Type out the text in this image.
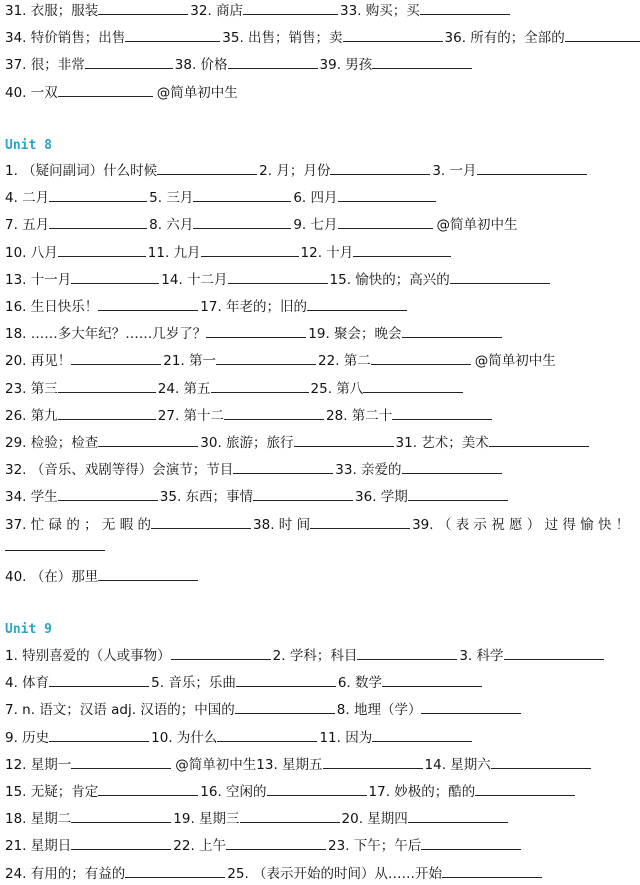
31. 衣服；服装	32. 商店	33. 购买；买
34. 特价销售；出售	35. 出售；销售；卖	36. 所有的；全部的
37. 很；非常	38. 价格	39. 男孩
40. 一双	@简单初中生
Unit 8
1. （疑问副词）什么时候	2. 月；月份	3. 一月
4. 二月	5. 三月	6. 四月
7. 五月	8. 六月	9. 七月	@简单初中生
10. 八月	11. 九月	12. 十月
13. 十一月	14. 十二月	15. 愉快的；高兴的
16. 生日快乐！	17. 年老的；旧的
18. ……多大年纪？……几岁了？	19. 聚会；晚会
20. 再见！	21. 第一	22. 第二	@简单初中生
23. 第三	24. 第五	25. 第八
26. 第九	27. 第十二	28. 第二十
29. 检验；检查	30. 旅游；旅行	31. 艺术；美术
32. （音乐、戏剧等得）会演节；节目	33. 亲爱的
34. 学生	35. 东西；事情	36. 学期
37. 忙 碌 的 ； 无 暇 的	38. 时 间	39. （ 表 示 祝 愿 ） 过 得 愉 快 ！
40. （在）那里
Unit 9
1. 特别喜爱的（人或事物）	2. 学科；科目	3. 科学
4. 体育	5. 音乐；乐曲	6. 数学
7. n. 语文；汉语 adj. 汉语的；中国的	8. 地理（学）
9. 历史	10. 为什么	11. 因为
12. 星期一	@简单初中生13. 星期五	14. 星期六
15. 无疑；肯定	16. 空闲的	17. 妙极的；酷的
18. 星期二	19. 星期三	20. 星期四
21. 星期日	22. 上午	23. 下午；午后
24. 有用的；有益的	25. （表示开始的时间）从……开始
